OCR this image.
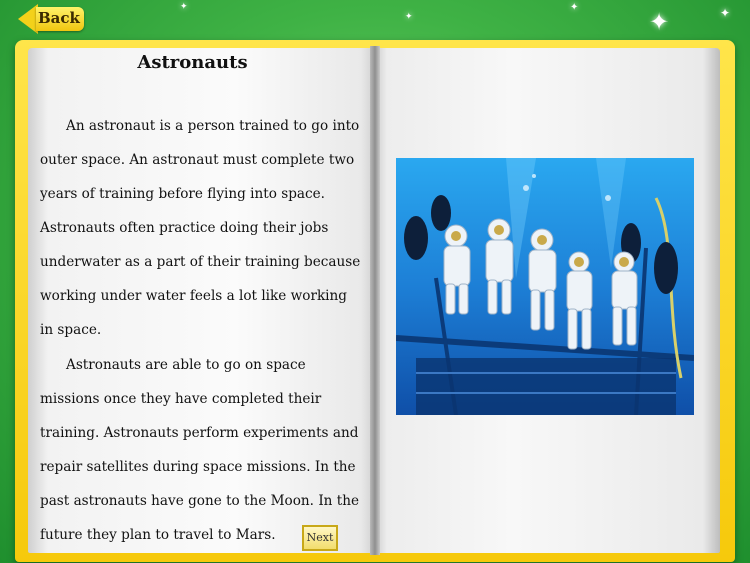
✦
✦
✦
✦	✦
Back
Astronauts

An astronaut is a person trained to go into outer space. An astronaut must complete two years of training before flying into space. Astronauts often practice doing their jobs underwater as a part of their training because working under water feels a lot like working in space.

Astronauts are able to go on space missions once they have completed their training. Astronauts perform experiments and repair satellites during space missions. In the past astronauts have gone to the Moon. In the future they plan to travel to Mars.	Next
